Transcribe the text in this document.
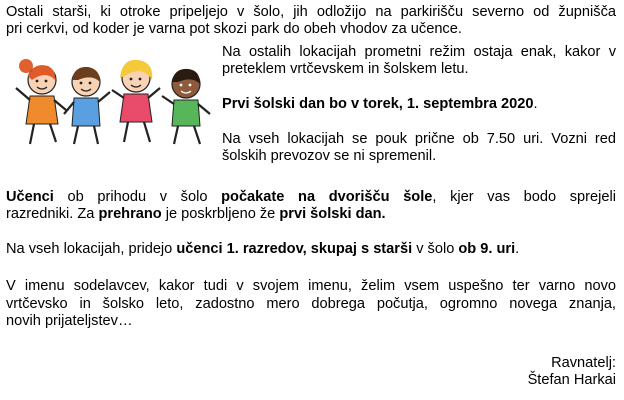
Ostali starši, ki otroke pripeljejo v šolo, jih odložijo na parkirišču severno od župnišča
pri cerkvi, od koder je varna pot skozi park do obeh vhodov za učence.
Na ostalih lokacijah prometni režim ostaja enak, kakor v
preteklem vrtčevskem in šolskem letu.
Prvi šolski dan bo v torek, 1. septembra 2020.
Na vseh lokacijah se pouk prične ob 7.50 uri. Vozni red
šolskih prevozov se ni spremenil.
Učenci ob prihodu v šolo počakate na dvorišču šole, kjer vas bodo sprejeli
razredniki. Za prehrano je poskrbljeno že prvi šolski dan.
Na vseh lokacijah, pridejo učenci 1. razredov, skupaj s starši v šolo ob 9. uri.
V imenu sodelavcev, kakor tudi v svojem imenu, želim vsem uspešno ter varno novo
vrtčevsko in šolsko leto, zadostno mero dobrega počutja, ogromno novega znanja,
novih prijateljstev…
Ravnatelj:
Štefan Harkai
